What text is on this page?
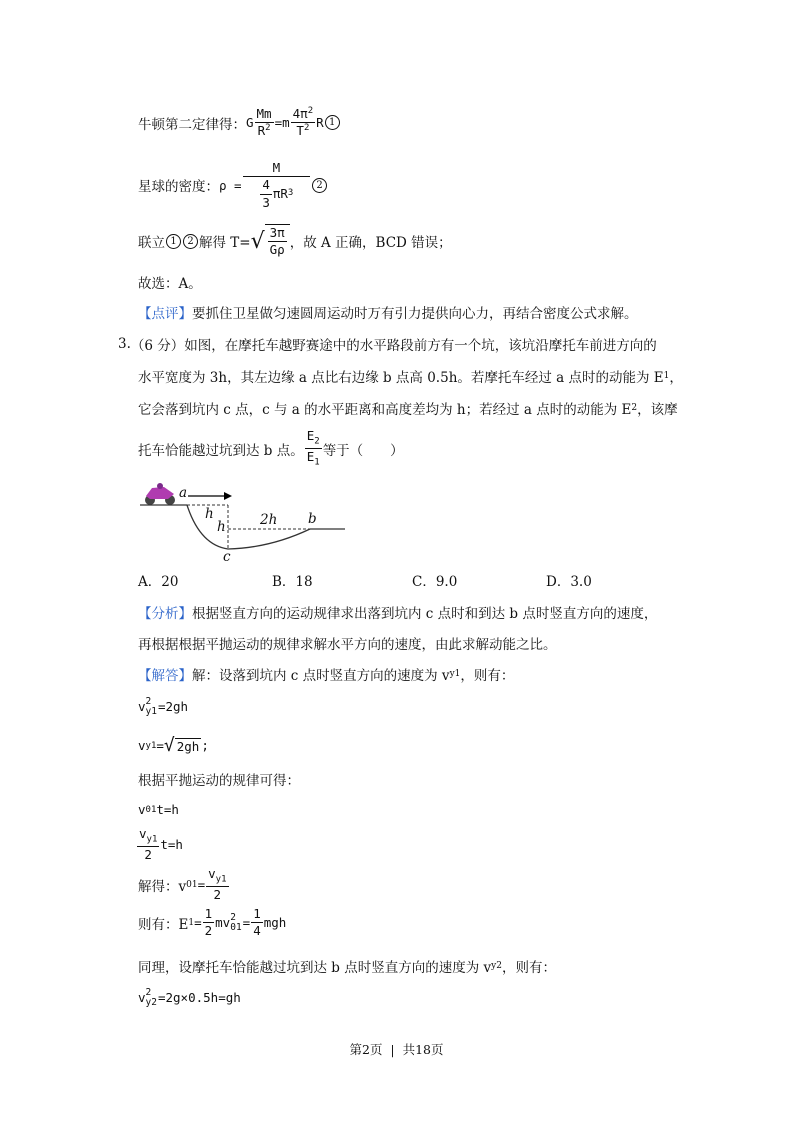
牛顿第二定律得： G $\frac{Mm}{R^2} =m \frac{4\pi^2}{T^2}$ R 1
星球的密度： $\rho = \frac{M}{\frac{4}{3} \pi R 3} 2$
联立 1	2 解得 T= √ $\frac{3\pi}{G\rho}$ ，故 A 正确，BCD 错误；
故选：A。
【点评】 要抓住卫星做匀速圆周运动时万有引力提供向心力，再结合密度公式求解。
3. （6 分）如图，在摩托车越野赛途中的水平路段前方有一个坑，该坑沿摩托车前进方向的
水平宽度为 3h，其左边缘 a 点比右边缘 b 点高 0.5h。若摩托车经过 a 点时的动能为 E 1 ，
它会落到坑内 c 点，c 与 a 的水平距离和高度差均为 h；若经过 a 点时的动能为 E 2 ，该摩
托车恰能越过坑到达 b 点。 $\frac{E_2}{E_1}$ 等于（　　）
a
h
h	2h b
c
A．20	B．18	C．9.0	D．3.0
【分析】 根据竖直方向的运动规律求出落到坑内 c 点时和到达 b 点时竖直方向的速度，
再根据根据平抛运动的规律求解水平方向的速度，由此求解动能之比。
【解答】 解：设落到坑内 c 点时竖直方向的速度为 v y1 ，则有：
v 2
y1 =2gh
v y1 = √ 2gh ;
根据平抛运动的规律可得：
v 01 t=h
$\frac{v_{y1}}{2} t=h$
解得：v $01 = \frac{v_{y1}}{2}$
则有：E $1 = \frac{1}{2}$ mv 2
$01 = \frac{1}{4}$ mgh
同理，设摩托车恰能越过坑到达 b 点时竖直方向的速度为 v y2 ，则有：
v 2
y2 =2g×0.5h=gh
第2页 | 共18页
